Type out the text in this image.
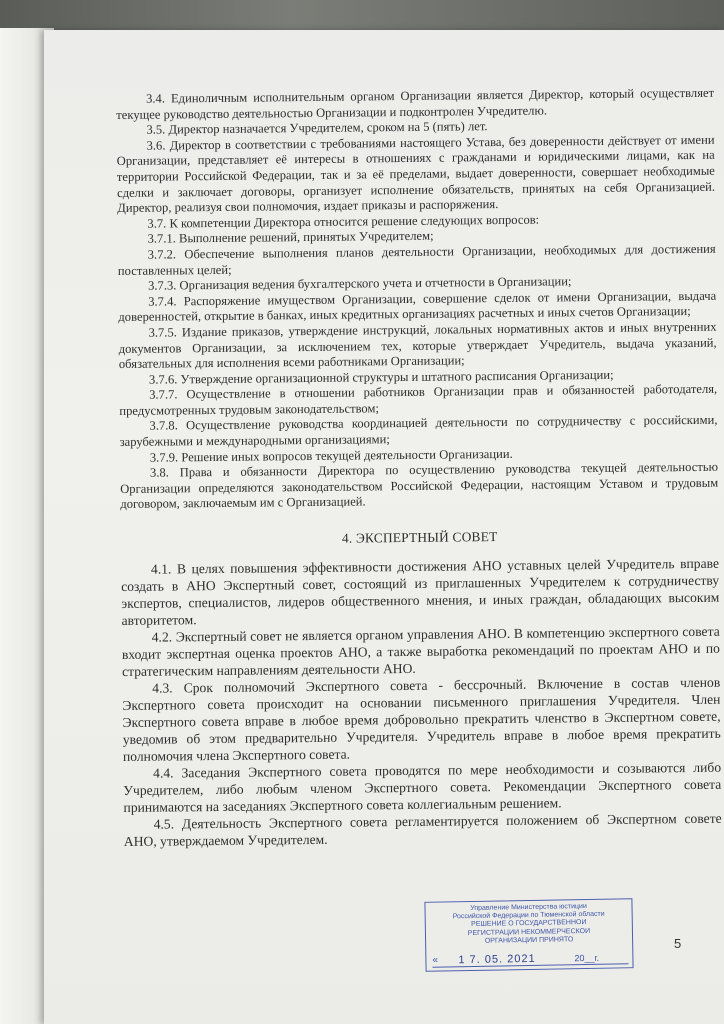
3.4. Единоличным исполнительным органом Организации является Директор, который осуществляет текущее руководство деятельностью Организации и подконтролен Учредителю.

3.5. Директор назначается Учредителем, сроком на 5 (пять) лет.

3.6. Директор в соответствии с требованиями настоящего Устава, без доверенности действует от имени Организации, представляет её интересы в отношениях с гражданами и юридическими лицами, как на территории Российской Федерации, так и за её пределами, выдает доверенности, совершает необходимые сделки и заключает договоры, организует исполнение обязательств, принятых на себя Организацией. Директор, реализуя свои полномочия, издает приказы и распоряжения.

3.7. К компетенции Директора относится решение следующих вопросов:

3.7.1. Выполнение решений, принятых Учредителем;

3.7.2. Обеспечение выполнения планов деятельности Организации, необходимых для достижения поставленных целей;

3.7.3. Организация ведения бухгалтерского учета и отчетности в Организации;

3.7.4. Распоряжение имуществом Организации, совершение сделок от имени Организации, выдача доверенностей, открытие в банках, иных кредитных организациях расчетных и иных счетов Организации;

3.7.5. Издание приказов, утверждение инструкций, локальных нормативных актов и иных внутренних документов Организации, за исключением тех, которые утверждает Учредитель, выдача указаний, обязательных для исполнения всеми работниками Организации;

3.7.6. Утверждение организационной структуры и штатного расписания Организации;

3.7.7. Осуществление в отношении работников Организации прав и обязанностей работодателя, предусмотренных трудовым законодательством;

3.7.8. Осуществление руководства координацией деятельности по сотрудничеству с российскими, зарубежными и международными организациями;

3.7.9. Решение иных вопросов текущей деятельности Организации.

3.8. Права и обязанности Директора по осуществлению руководства текущей деятельностью Организации определяются законодательством Российской Федерации, настоящим Уставом и трудовым договором, заключаемым им с Организацией.

4. ЭКСПЕРТНЫЙ СОВЕТ

4.1. В целях повышения эффективности достижения АНО уставных целей Учредитель вправе создать в АНО Экспертный совет, состоящий из приглашенных Учредителем к сотрудничеству экспертов, специалистов, лидеров общественного мнения, и иных граждан, обладающих высоким авторитетом.

4.2. Экспертный совет не является органом управления АНО. В компетенцию экспертного совета входит экспертная оценка проектов АНО, а также выработка рекомендаций по проектам АНО и по стратегическим направлениям деятельности АНО.

4.3. Срок полномочий Экспертного совета - бессрочный. Включение в состав членов Экспертного совета происходит на основании письменного приглашения Учредителя. Член Экспертного совета вправе в любое время добровольно прекратить членство в Экспертном совете, уведомив об этом предварительно Учредителя. Учредитель вправе в любое время прекратить полномочия члена Экспертного совета.

4.4. Заседания Экспертного совета проводятся по мере необходимости и созываются либо Учредителем, либо любым членом Экспертного совета. Рекомендации Экспертного совета принимаются на заседаниях Экспертного совета коллегиальным решением.

4.5. Деятельность Экспертного совета регламентируется положением об Экспертном совете АНО, утверждаемом Учредителем.

Управление Министерства юстиции
Российской Федерации по Тюменской области
РЕШЕНИЕ О ГОСУДАРСТВЕННОЙ
РЕГИСТРАЦИИ НЕКОММЕРЧЕСКОЙ
ОРГАНИЗАЦИИ ПРИНЯТО
« 1 7. 05. 2021	20__г.
5
